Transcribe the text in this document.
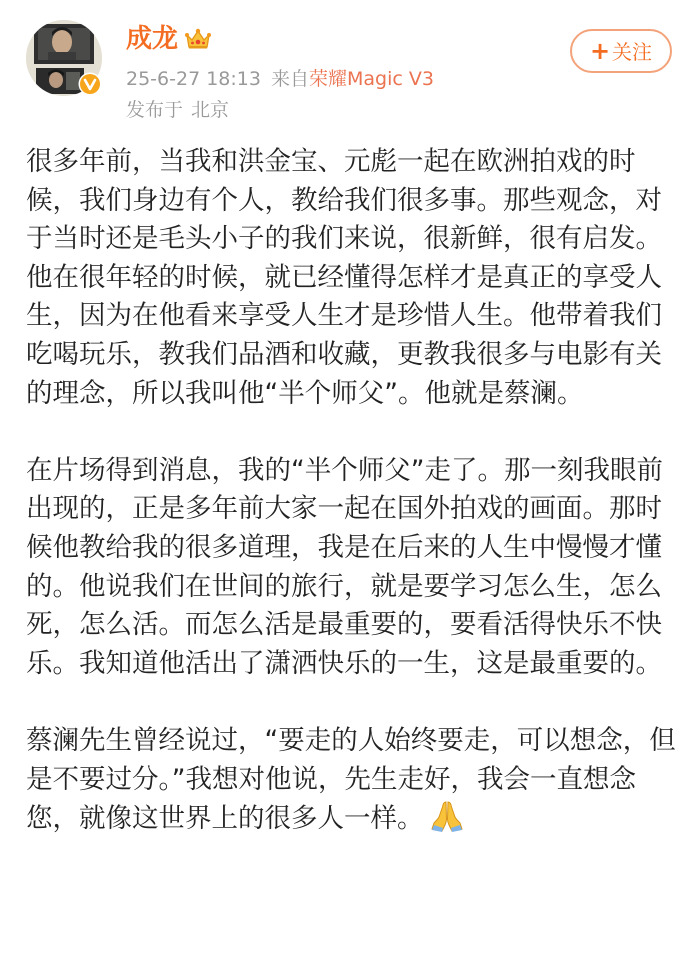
成龙
25-6-27 18:13 来自荣耀Magic V3
发布于 北京
+ 关注

很多年前，当我和洪金宝、元彪一起在欧洲拍戏的时候，我们身边有个人，教给我们很多事。那些观念，对于当时还是毛头小子的我们来说，很新鲜，很有启发。他在很年轻的时候，就已经懂得怎样才是真正的享受人生，因为在他看来享受人生才是珍惜人生。他带着我们吃喝玩乐，教我们品酒和收藏，更教我很多与电影有关的理念，所以我叫他“半个师父”。他就是蔡澜。

在片场得到消息，我的“半个师父”走了。那一刻我眼前出现的，正是多年前大家一起在国外拍戏的画面。那时候他教给我的很多道理，我是在后来的人生中慢慢才懂的。他说我们在世间的旅行，就是要学习怎么生，怎么死，怎么活。而怎么活是最重要的，要看活得快乐不快乐。我知道他活出了潇洒快乐的一生，这是最重要的。

蔡澜先生曾经说过，“要走的人始终要走，可以想念，但是不要过分。”我想对他说，先生走好，我会一直想念您，就像这世界上的很多人一样。
